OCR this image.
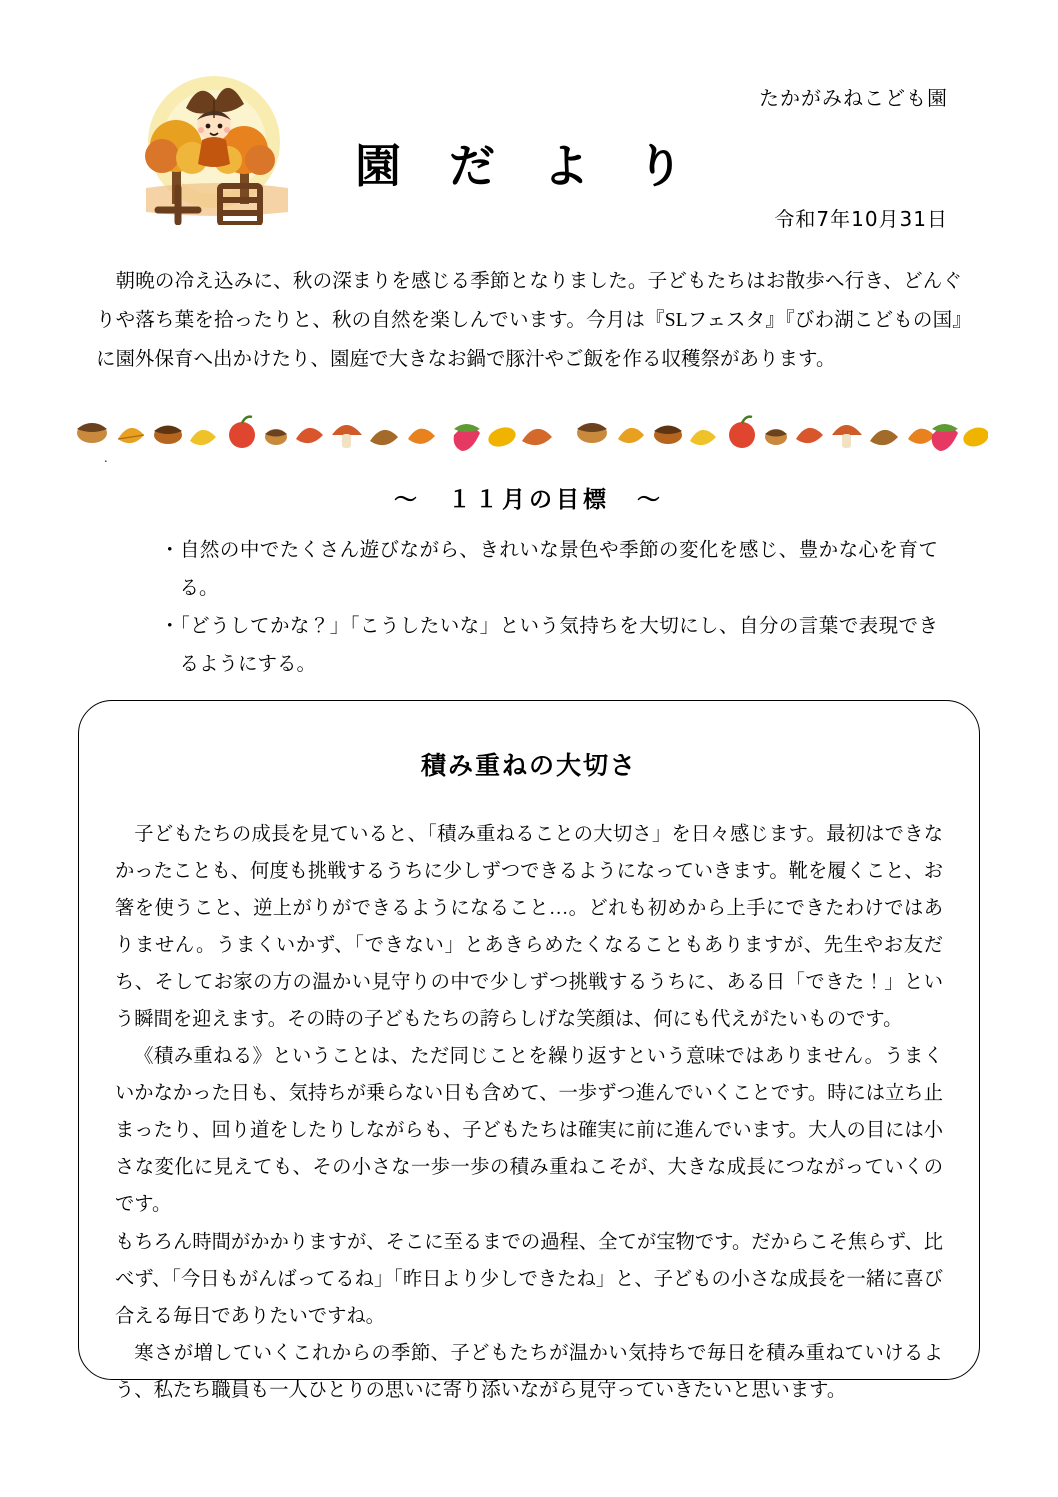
たかがみねこども園
園 だ よ り
令和7年10月31日
朝晩の冷え込みに、秋の深まりを感じる季節となりました。子どもたちはお散歩へ行き、どんぐりや落ち葉を拾ったりと、秋の自然を楽しんでいます。今月は『SLフェスタ』『びわ湖こどもの国』に園外保育へ出かけたり、園庭で大きなお鍋で豚汁やご飯を作る収穫祭があります。
.
〜　１１月の目標　〜
・自然の中でたくさん遊びながら、きれいな景色や季節の変化を感じ、豊かな心を育てる。
・「どうしてかな？」「こうしたいな」という気持ちを大切にし、自分の言葉で表現できるようにする。
積み重ねの大切さ

子どもたちの成長を見ていると、「積み重ねることの大切さ」を日々感じます。最初はできなかったことも、何度も挑戦するうちに少しずつできるようになっていきます。靴を履くこと、お箸を使うこと、逆上がりができるようになること…。どれも初めから上手にできたわけではありません。うまくいかず、「できない」とあきらめたくなることもありますが、先生やお友だち、そしてお家の方の温かい見守りの中で少しずつ挑戦するうちに、ある日「できた！」という瞬間を迎えます。その時の子どもたちの誇らしげな笑顔は、何にも代えがたいものです。

《積み重ねる》ということは、ただ同じことを繰り返すという意味ではありません。うまくいかなかった日も、気持ちが乗らない日も含めて、一歩ずつ進んでいくことです。時には立ち止まったり、回り道をしたりしながらも、子どもたちは確実に前に進んでいます。大人の目には小さな変化に見えても、その小さな一歩一歩の積み重ねこそが、大きな成長につながっていくのです。

もちろん時間がかかりますが、そこに至るまでの過程、全てが宝物です。だからこそ焦らず、比べず、「今日もがんばってるね」「昨日より少しできたね」と、子どもの小さな成長を一緒に喜び合える毎日でありたいですね。

寒さが増していくこれからの季節、子どもたちが温かい気持ちで毎日を積み重ねていけるよう、私たち職員も一人ひとりの思いに寄り添いながら見守っていきたいと思います。
